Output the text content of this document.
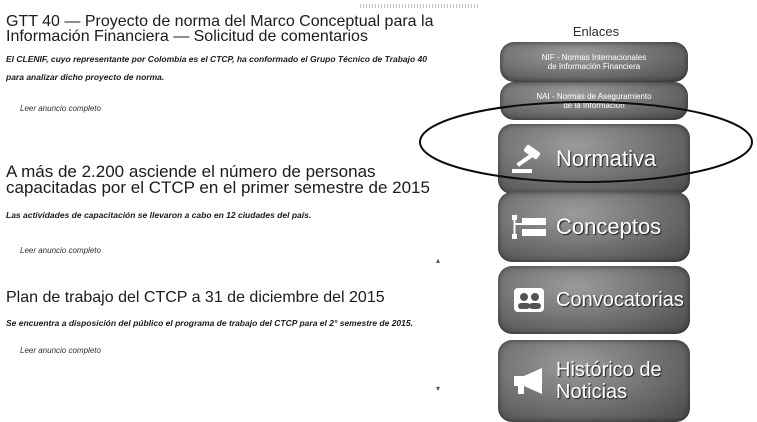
GTT 40 — Proyecto de norma del Marco Conceptual para la Información Financiera — Solicitud de comentarios

El CLENIF, cuyo representante por Colombia es el CTCP, ha conformado el Grupo Técnico de Trabajo 40 para analizar dicho proyecto de norma.

Leer anuncio completo
A más de 2.200 asciende el número de personas capacitadas por el CTCP en el primer semestre de 2015

Las actividades de capacitación se llevaron a cabo en 12 ciudades del país.

Leer anuncio completo
Plan de trabajo del CTCP a 31 de diciembre del 2015

Se encuentra a disposición del público el programa de trabajo del CTCP para el 2° semestre de 2015.

Leer anuncio completo
▴
▾
Enlaces
NIF - Normas Internacionales
de Información Financiera
NAI - Normas de Aseguramiento
de la Información
Normativa
Conceptos
Convocatorias
Histórico de
Noticias
